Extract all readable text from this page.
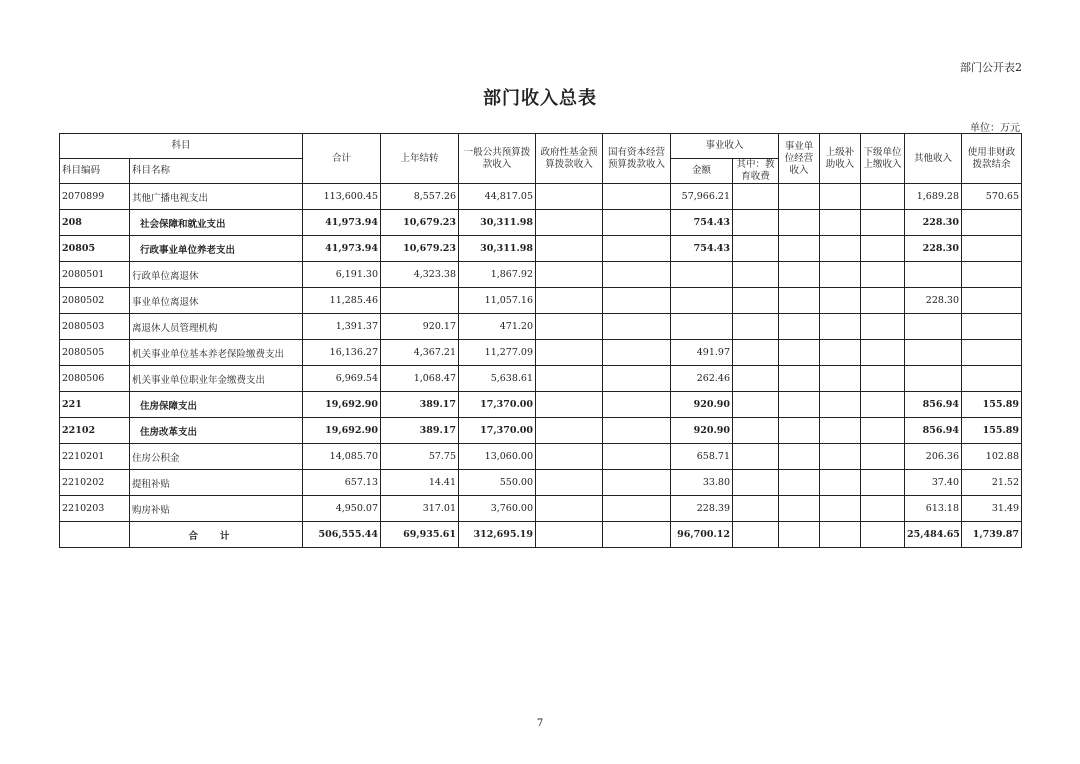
部门公开表2
部门收入总表
单位：万元
科目		合计	上年结转	一般公共预算拨款收入	政府性基金预算拨款收入	国有资本经营预算拨款收入	事业收入		事业单位经营收入	上级补助收入	下级单位上缴收入	其他收入	使用非财政拨款结余
科目编码	科目名称						金额	其中：教育收费					
2070899	其他广播电视支出	113,600.45	8,557.26	44,817.05			57,966.21					1,689.28	570.65
208	社会保障和就业支出	41,973.94	10,679.23	30,311.98			754.43					228.30	
20805	行政事业单位养老支出	41,973.94	10,679.23	30,311.98			754.43					228.30	
2080501	行政单位离退休	6,191.30	4,323.38	1,867.92									
2080502	事业单位离退休	11,285.46		11,057.16								228.30	
2080503	离退休人员管理机构	1,391.37	920.17	471.20									
2080505	机关事业单位基本养老保险缴费支出	16,136.27	4,367.21	11,277.09			491.97						
2080506	机关事业单位职业年金缴费支出	6,969.54	1,068.47	5,638.61			262.46						
221	住房保障支出	19,692.90	389.17	17,370.00			920.90					856.94	155.89
22102	住房改革支出	19,692.90	389.17	17,370.00			920.90					856.94	155.89
2210201	住房公积金	14,085.70	57.75	13,060.00			658.71					206.36	102.88
2210202	提租补贴	657.13	14.41	550.00			33.80					37.40	21.52
2210203	购房补贴	4,950.07	317.01	3,760.00			228.39					613.18	31.49
	合计	506,555.44	69,935.61	312,695.19			96,700.12					25,484.65	1,739.87
7
